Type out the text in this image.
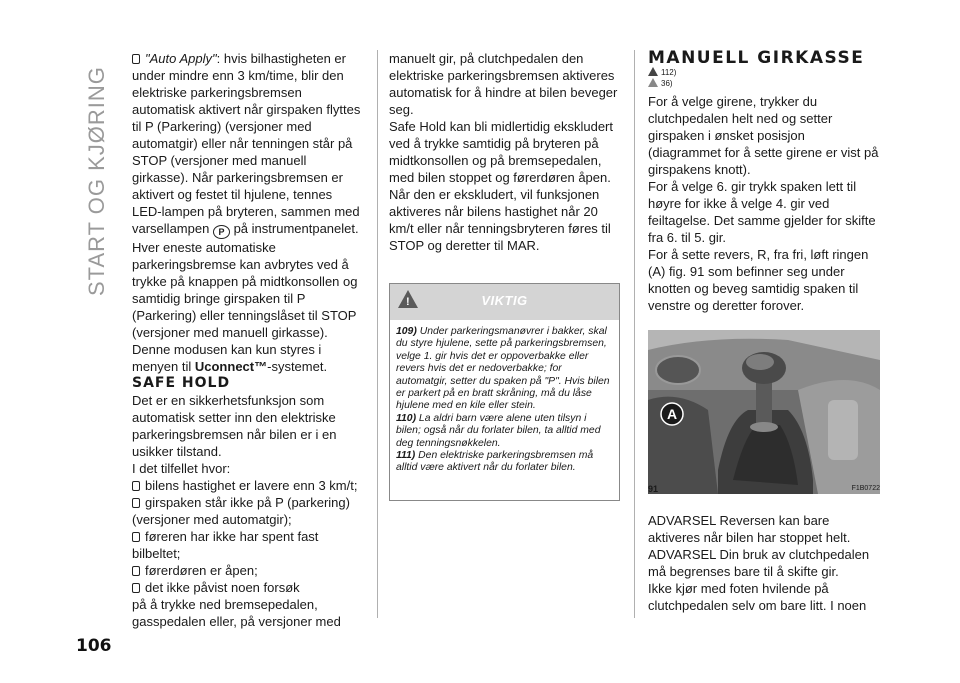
START OG KJØRING

"Auto Apply": hvis bilhastigheten er under mindre enn 3 km/time, blir den elektriske parkeringsbremsen automatisk aktivert når girspaken flyttes til P (Parkering) (versjoner med automatgir) eller når tenningen står på STOP (versjoner med manuell girkasse). Når parkeringsbremsen er aktivert og festet til hjulene, tennes LED-lampen på bryteren, sammen med varsellampen P på instrumentpanelet.

Hver eneste automatiske parkeringsbremse kan avbrytes ved å trykke på knappen på midtkonsollen og samtidig bringe girspaken til P (Parkering) eller tenningslåset til STOP (versjoner med manuell girkasse). Denne modusen kan kun styres i menyen til Uconnect™-systemet.

SAFE HOLD

Det er en sikkerhetsfunksjon som automatisk setter inn den elektriske parkeringsbremsen når bilen er i en usikker tilstand.

I det tilfellet hvor:

bilens hastighet er lavere enn 3 km/t;

girspaken står ikke på P (parkering) (versjoner med automatgir);

føreren har ikke har spent fast bilbeltet;

førerdøren er åpen;

det ikke påvist noen forsøk

på å trykke ned bremsepedalen, gasspedalen eller, på versjoner med

manuelt gir, på clutchpedalen den elektriske parkeringsbremsen aktiveres automatisk for å hindre at bilen beveger seg.

Safe Hold kan bli midlertidig ekskludert ved å trykke samtidig på bryteren på midtkonsollen og på bremsepedalen, med bilen stoppet og førerdøren åpen.

Når den er ekskludert, vil funksjonen aktiveres når bilens hastighet når 20 km/t eller når tenningsbryteren føres til STOP og deretter til MAR.

!	VIKTIG

109) Under parkeringsmanøvrer i bakker, skal du styre hjulene, sette på parkeringsbremsen, velge 1. gir hvis det er oppoverbakke eller revers hvis det er nedoverbakke; for automatgir, setter du spaken på "P". Hvis bilen er parkert på en bratt skråning, må du låse hjulene med en kile eller stein.

110) La aldri barn være alene uten tilsyn i bilen; også når du forlater bilen, ta alltid med deg tenningsnøkkelen.

111) Den elektriske parkeringsbremsen må alltid være aktivert når du forlater bilen.

MANUELL GIRKASSE

112)

36)

For å velge girene, trykker du clutchpedalen helt ned og setter girspaken i ønsket posisjon (diagrammet for å sette girene er vist på girspakens knott).

For å velge 6. gir trykk spaken lett til høyre for ikke å velge 4. gir ved feiltagelse. Det samme gjelder for skifte fra 6. til 5. gir.

For å sette revers, R, fra fri, løft ringen (A) fig. 91 som befinner seg under knotten og beveg samtidig spaken til venstre og deretter forover.

A
91	F1B0722

ADVARSEL Reversen kan bare aktiveres når bilen har stoppet helt.

ADVARSEL Din bruk av clutchpedalen må begrenses bare til å skifte gir.

Ikke kjør med foten hvilende på clutchpedalen selv om bare litt. I noen

106
